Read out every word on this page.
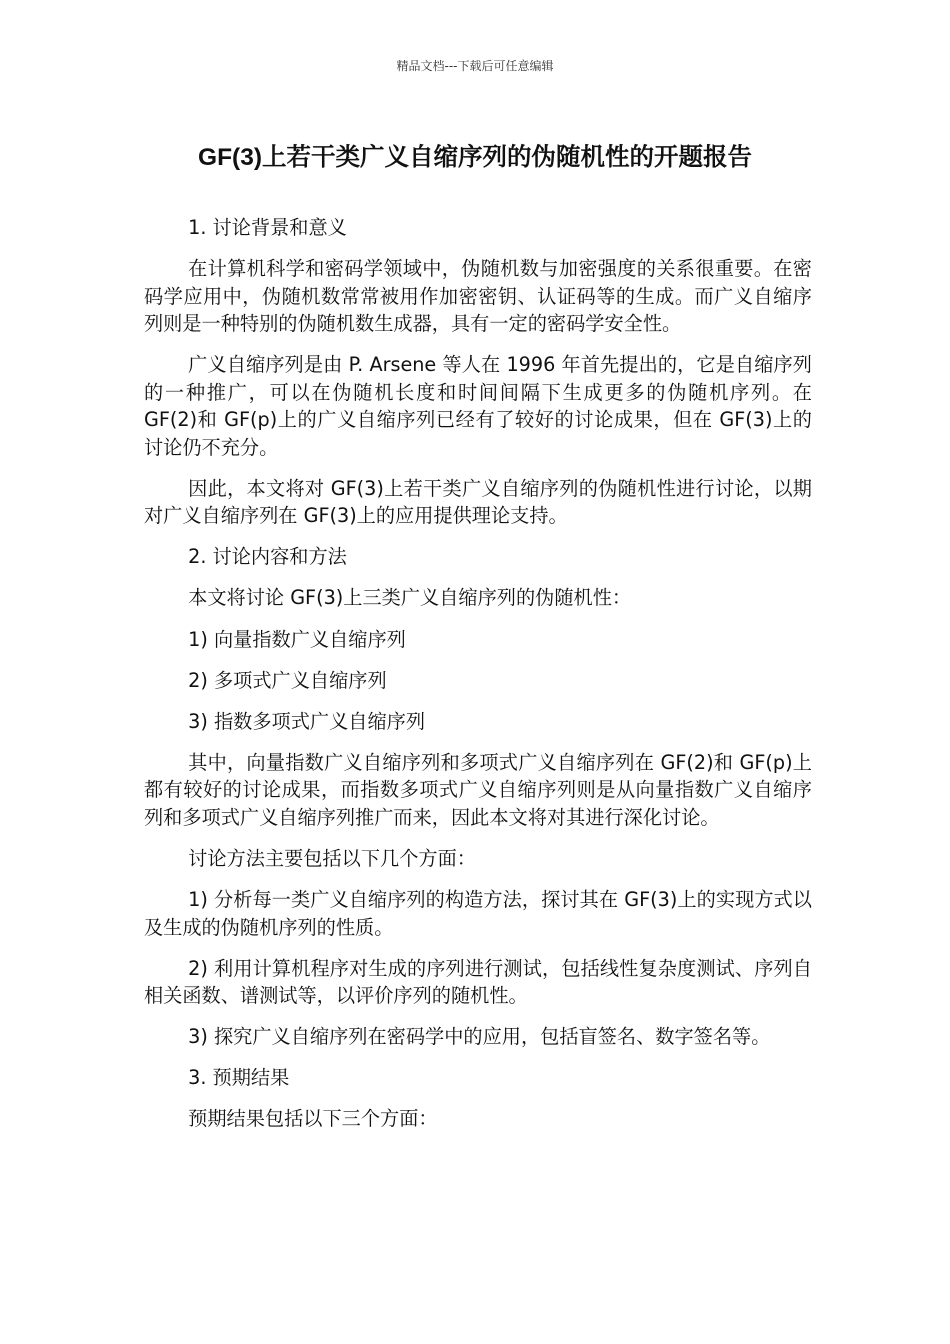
精品文档---下载后可任意编辑
GF(3)上若干类广义自缩序列的伪随机性的开题报告

1. 讨论背景和意义

在计算机科学和密码学领域中，伪随机数与加密强度的关系很重要。在密码学应用中，伪随机数常常被用作加密密钥、认证码等的生成。而广义自缩序列则是一种特别的伪随机数生成器，具有一定的密码学安全性。

广义自缩序列是由 P. Arsene 等人在 1996 年首先提出的，它是自缩序列的一种推广，可以在伪随机长度和时间间隔下生成更多的伪随机序列。在 GF(2)和 GF(p)上的广义自缩序列已经有了较好的讨论成果，但在 GF(3)上的讨论仍不充分。

因此，本文将对 GF(3)上若干类广义自缩序列的伪随机性进行讨论，以期对广义自缩序列在 GF(3)上的应用提供理论支持。

2. 讨论内容和方法

本文将讨论 GF(3)上三类广义自缩序列的伪随机性：

1) 向量指数广义自缩序列

2) 多项式广义自缩序列

3) 指数多项式广义自缩序列

其中，向量指数广义自缩序列和多项式广义自缩序列在 GF(2)和 GF(p)上都有较好的讨论成果，而指数多项式广义自缩序列则是从向量指数广义自缩序列和多项式广义自缩序列推广而来，因此本文将对其进行深化讨论。

讨论方法主要包括以下几个方面：

1) 分析每一类广义自缩序列的构造方法，探讨其在 GF(3)上的实现方式以及生成的伪随机序列的性质。

2) 利用计算机程序对生成的序列进行测试，包括线性复杂度测试、序列自相关函数、谱测试等，以评价序列的随机性。

3) 探究广义自缩序列在密码学中的应用，包括盲签名、数字签名等。

3. 预期结果

预期结果包括以下三个方面：
